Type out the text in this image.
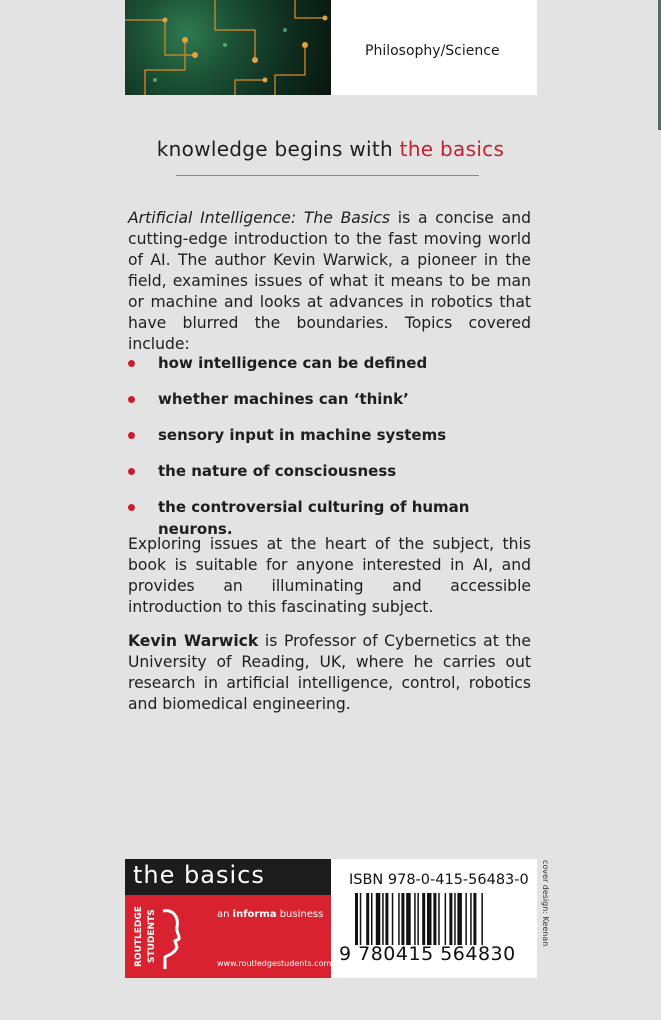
Philosophy/Science
knowledge begins with the basics

Artificial Intelligence: The Basics is a concise and cutting-edge introduction to the fast moving world of AI. The author Kevin Warwick, a pioneer in the field, examines issues of what it means to be man or machine and looks at advances in robotics that have blurred the boundaries. Topics covered include:

how intelligence can be defined
whether machines can ‘think’
sensory input in machine systems
the nature of consciousness
the controversial culturing of human neurons.

Exploring issues at the heart of the subject, this book is suitable for anyone interested in AI, and provides an illuminating and accessible introduction to this fascinating subject.

Kevin Warwick is Professor of Cybernetics at the University of Reading, UK, where he carries out research in artificial intelligence, control, robotics and biomedical engineering.

the basics
ROUTLEDGE STUDENTS	an informa business
www.routledgestudents.com
ISBN 978-0-415-56483-0
9 780415 564830
cover design: Keenan
